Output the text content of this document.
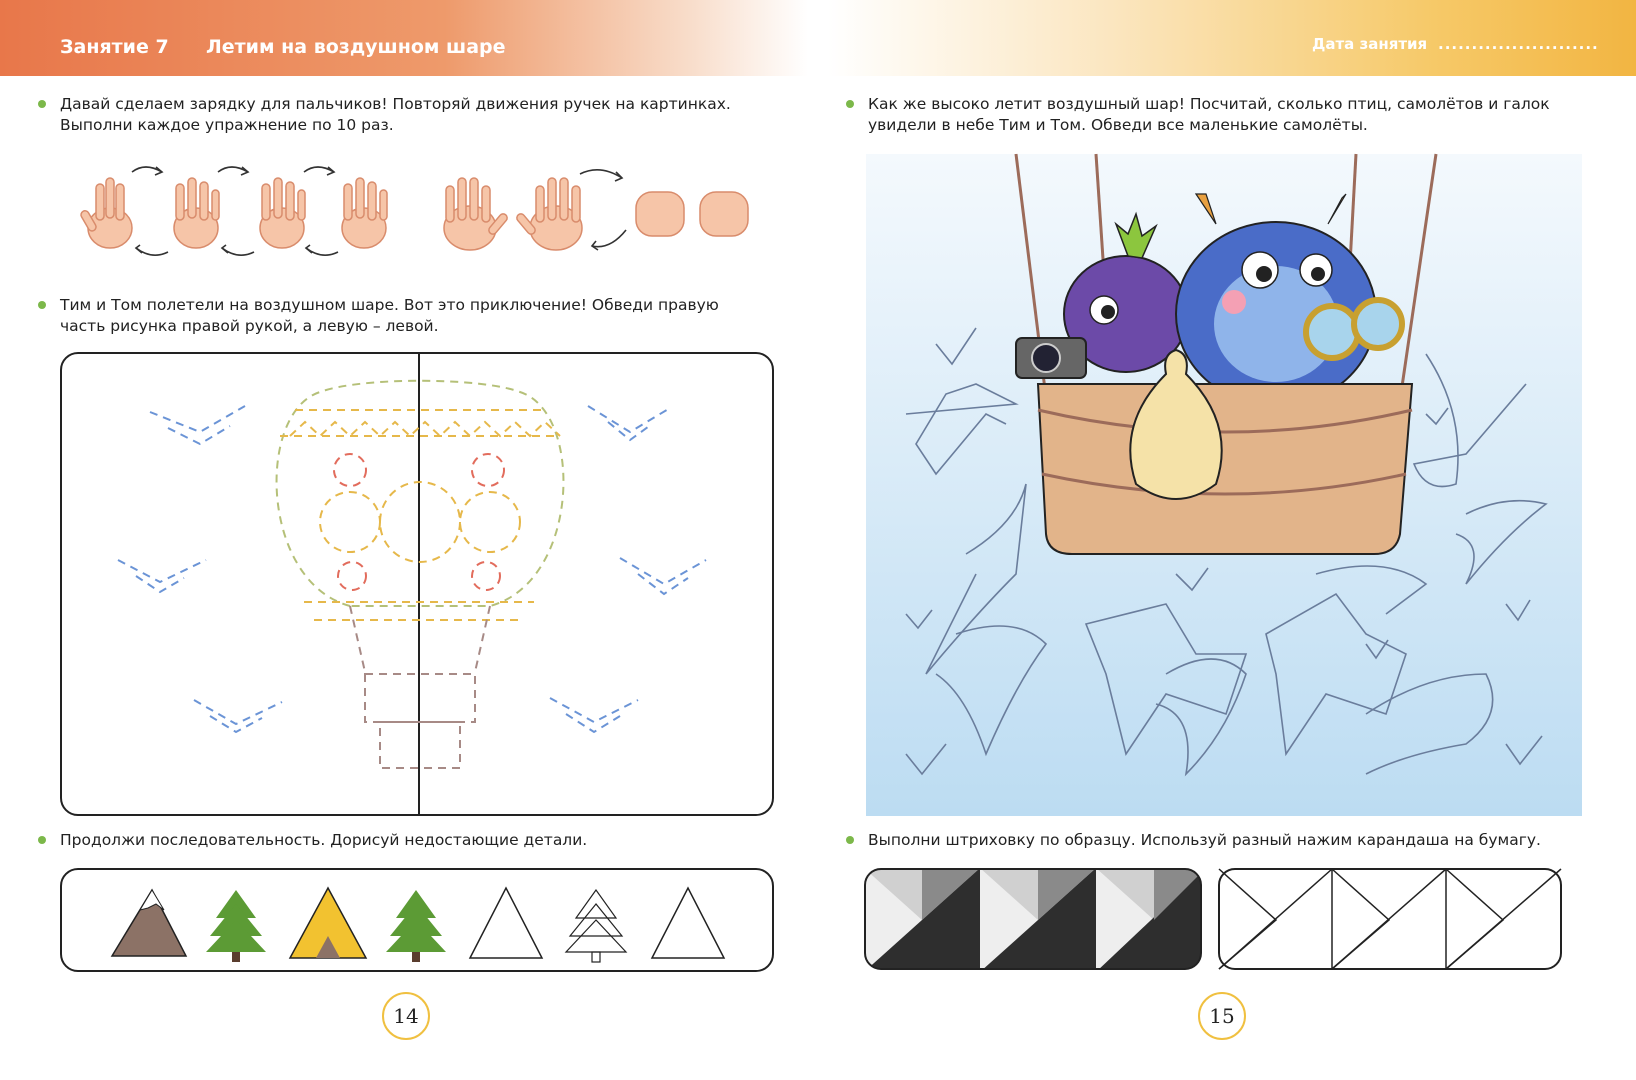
Занятие 7 Летим на воздушном шаре
Давай сделаем зарядку для пальчиков! Повторяй движения ручек на картинках.
Выполни каждое упражнение по 10 раз.
Тим и Том полетели на воздушном шаре. Вот это приключение! Обведи правую
часть рисунка правой рукой, а левую – левой.
Продолжи последовательность. Дорисуй недостающие детали.
14
Дата занятия ........................
Как же высоко летит воздушный шар! Посчитай, сколько птиц, самолётов и галок
увидели в небе Тим и Том. Обведи все маленькие самолёты.
Выполни штриховку по образцу. Используй разный нажим карандаша на бумагу.
15
